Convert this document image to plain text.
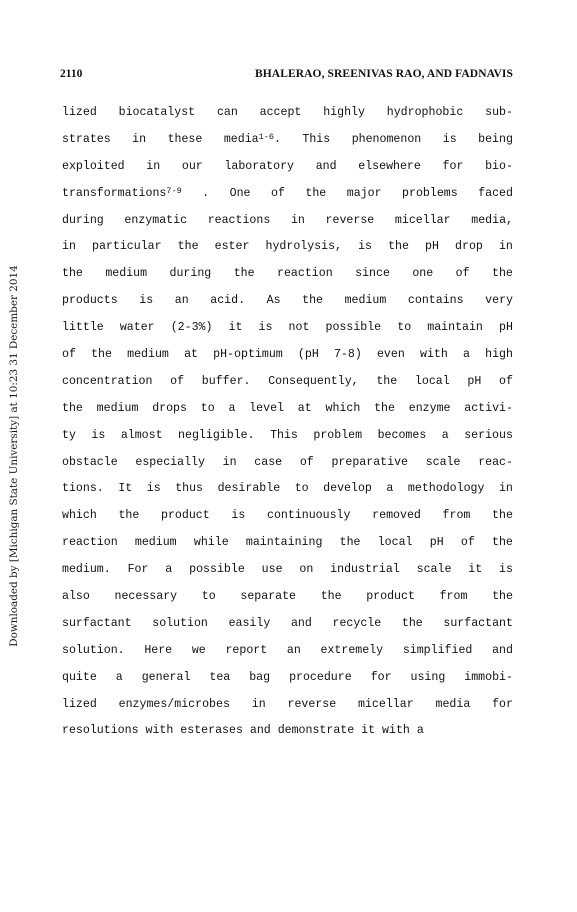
Downloaded by [Michigan State University] at 10:23 31 December 2014
2110	BHALERAO, SREENIVAS RAO, AND FADNAVIS
lized biocatalyst can accept highly hydrophobic sub-
strates in these media$^{1-6}$. This phenomenon is being
exploited in our laboratory and elsewhere for bio-
transformations$^{7-9}$ . One of the major problems faced
during enzymatic reactions in reverse micellar media,
in particular the ester hydrolysis, is the pH drop in
the medium during the reaction since one of the
products is an acid. As the medium contains very
little water (2-3%) it is not possible to maintain pH
of the medium at pH-optimum (pH 7-8) even with a high
concentration of buffer. Consequently, the local pH of
the medium drops to a level at which the enzyme activi-
ty is almost negligible. This problem becomes a serious
obstacle especially in case of preparative scale reac-
tions. It is thus desirable to develop a methodology in
which the product is continuously removed from the
reaction medium while maintaining the local pH of the
medium. For a possible use on industrial scale it is
also necessary to separate the product from the
surfactant solution easily and recycle the surfactant
solution. Here we report an extremely simplified and
quite a general tea bag procedure for using immobi-
lized enzymes/microbes in reverse micellar media for
resolutions with esterases and demonstrate it with a
